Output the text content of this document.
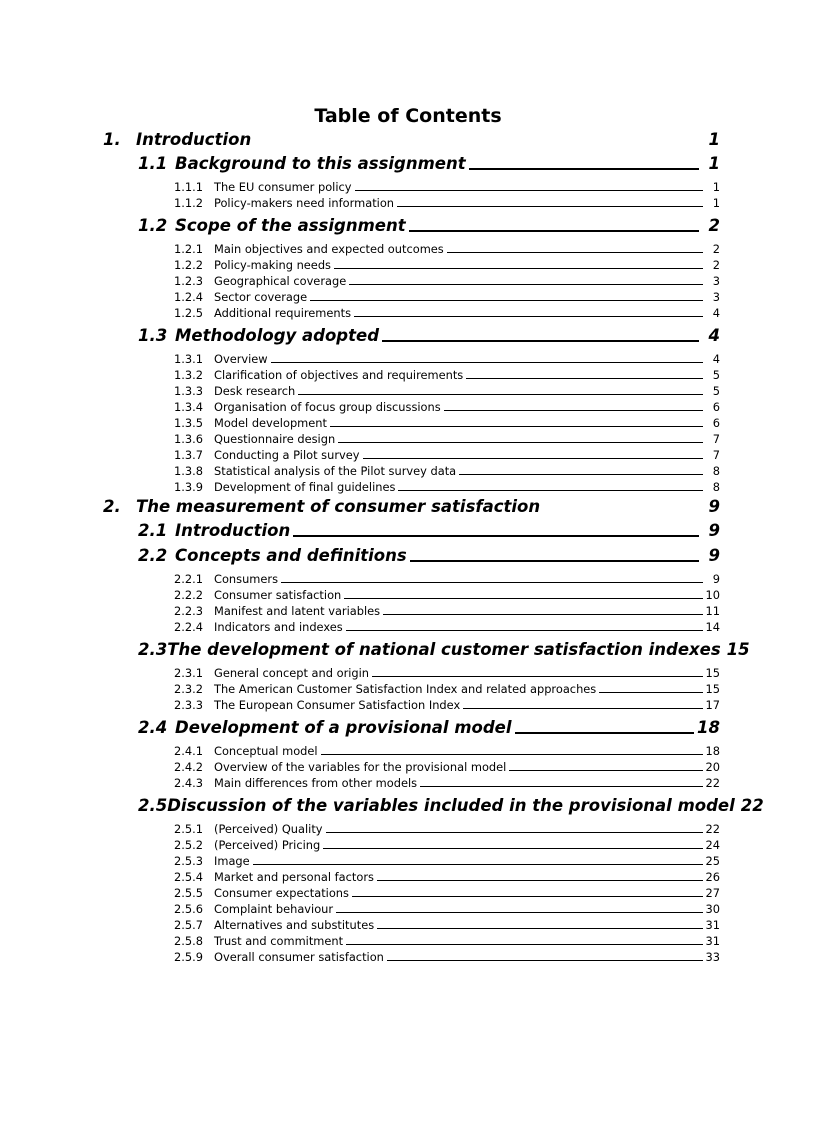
Table of Contents
1. Introduction	1
1.1 Background to this assignment	1
1.1.1 The EU consumer policy	1
1.1.2 Policy-makers need information	1
1.2 Scope of the assignment	2
1.2.1 Main objectives and expected outcomes	2
1.2.2 Policy-making needs	2
1.2.3 Geographical coverage	3
1.2.4 Sector coverage	3
1.2.5 Additional requirements	4
1.3 Methodology adopted	4
1.3.1 Overview	4
1.3.2 Clarification of objectives and requirements	5
1.3.3 Desk research	5
1.3.4 Organisation of focus group discussions	6
1.3.5 Model development	6
1.3.6 Questionnaire design	7
1.3.7 Conducting a Pilot survey	7
1.3.8 Statistical analysis of the Pilot survey data	8
1.3.9 Development of final guidelines	8
2. The measurement of consumer satisfaction	9
2.1 Introduction	9
2.2 Concepts and definitions	9
2.2.1 Consumers	9
2.2.2 Consumer satisfaction	10
2.2.3 Manifest and latent variables	11
2.2.4 Indicators and indexes	14
2.3 The development of national customer satisfaction indexes 15
2.3.1 General concept and origin	15
2.3.2 The American Customer Satisfaction Index and related approaches	15
2.3.3 The European Consumer Satisfaction Index	17
2.4 Development of a provisional model	18
2.4.1 Conceptual model	18
2.4.2 Overview of the variables for the provisional model	20
2.4.3 Main differences from other models	22
2.5 Discussion of the variables included in the provisional model 22
2.5.1 (Perceived) Quality	22
2.5.2 (Perceived) Pricing	24
2.5.3 Image	25
2.5.4 Market and personal factors	26
2.5.5 Consumer expectations	27
2.5.6 Complaint behaviour	30
2.5.7 Alternatives and substitutes	31
2.5.8 Trust and commitment	31
2.5.9 Overall consumer satisfaction	33
